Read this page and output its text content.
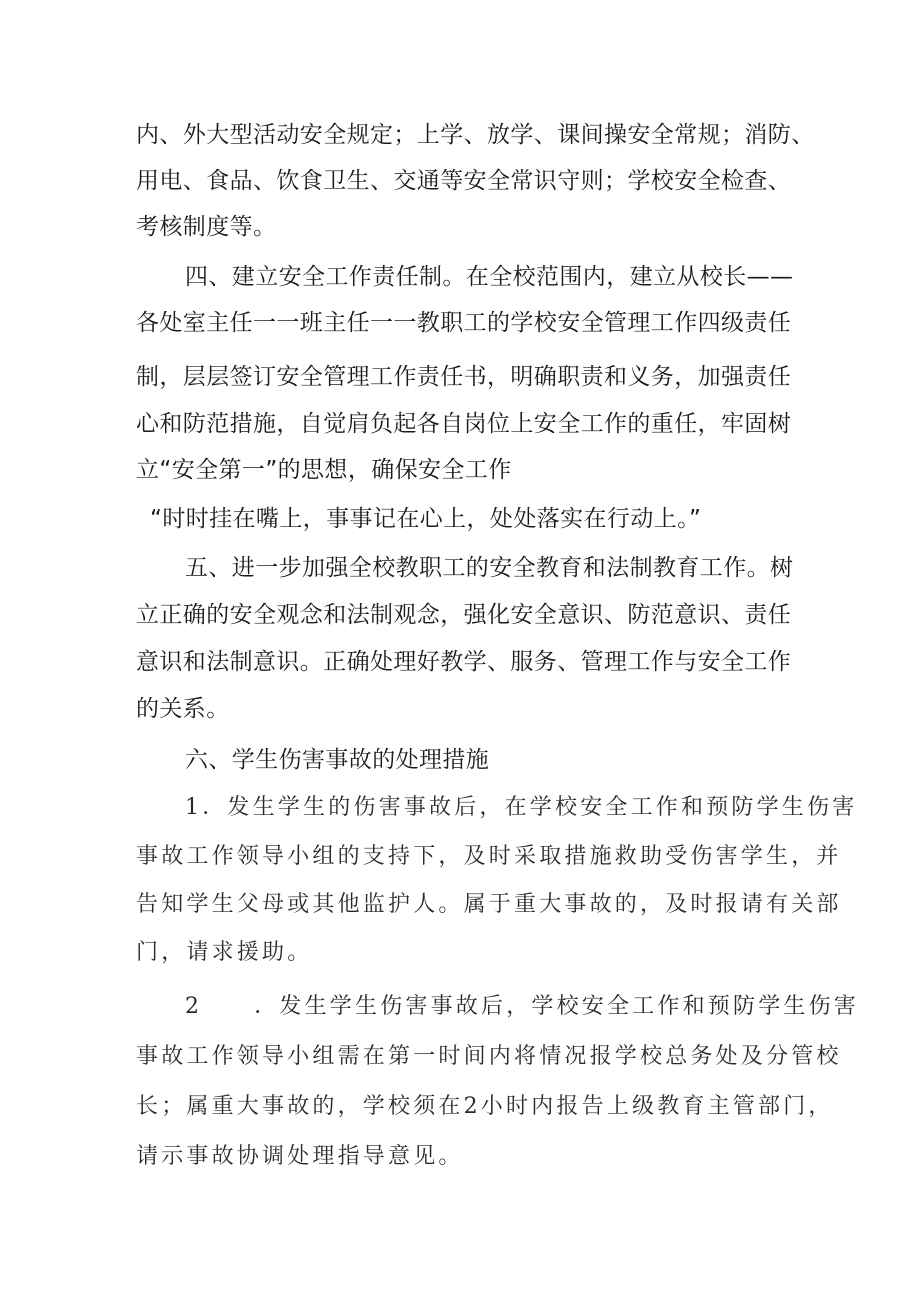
内、外大型活动安全规定；上学、放学、课间操安全常规；消防、
用电、食品、饮食卫生、交通等安全常识守则；学校安全检查、
考核制度等。
四、建立安全工作责任制。在全校范围内，建立从校长——
各处室主任一一班主任一一教职工的学校安全管理工作四级责任
制，层层签订安全管理工作责任书，明确职责和义务，加强责任
心和防范措施，自觉肩负起各自岗位上安全工作的重任，牢固树
立“安全第一”的思想，确保安全工作
“时时挂在嘴上，事事记在心上，处处落实在行动上。”
五、进一步加强全校教职工的安全教育和法制教育工作。树
立正确的安全观念和法制观念，强化安全意识、防范意识、责任
意识和法制意识。正确处理好教学、服务、管理工作与安全工作
的关系。
六、学生伤害事故的处理措施
1．发生学生的伤害事故后，在学校安全工作和预防学生伤害
事故工作领导小组的支持下，及时采取措施救助受伤害学生，并
告知学生父母或其他监护人。属于重大事故的，及时报请有关部
门，请求援助。
2 ．发生学生伤害事故后，学校安全工作和预防学生伤害
事故工作领导小组需在第一时间内将情况报学校总务处及分管校
长；属重大事故的，学校须在2小时内报告上级教育主管部门，
请示事故协调处理指导意见。
